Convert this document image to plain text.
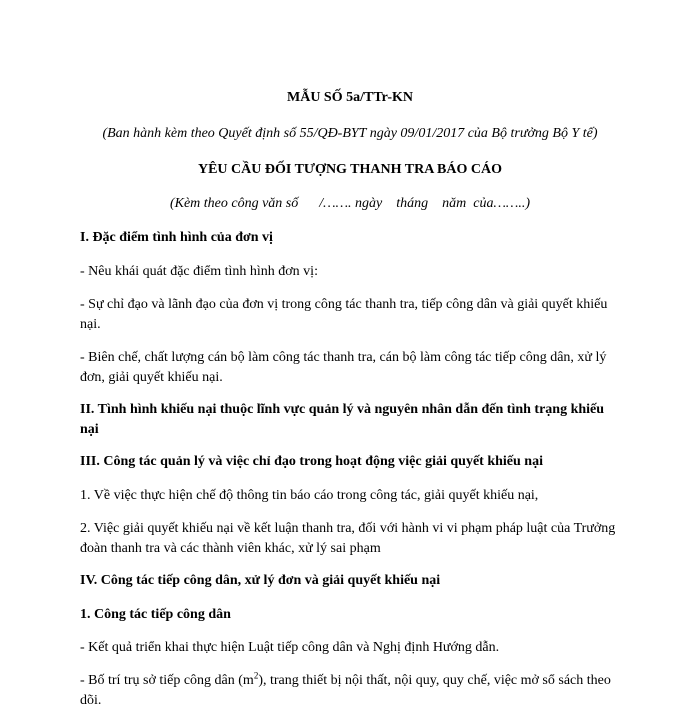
MẪU SỐ 5a/TTr-KN
(Ban hành kèm theo Quyết định số 55/QĐ-BYT ngày 09/01/2017 của Bộ trưởng Bộ Y tế)
YÊU CẦU ĐỐI TƯỢNG THANH TRA BÁO CÁO
(Kèm theo công văn số      /……. ngày    tháng    năm  của……..)
I. Đặc điểm tình hình của đơn vị
- Nêu khái quát đặc điểm tình hình đơn vị:
- Sự chỉ đạo và lãnh đạo của đơn vị trong công tác thanh tra, tiếp công dân và giải quyết khiếu nại.
- Biên chế, chất lượng cán bộ làm công tác thanh tra, cán bộ làm công tác tiếp công dân, xử lý đơn, giải quyết khiếu nại.
II. Tình hình khiếu nại thuộc lĩnh vực quản lý và nguyên nhân dẫn đến tình trạng khiếu nại
III. Công tác quản lý và việc chỉ đạo trong hoạt động việc giải quyết khiếu nại
1. Về việc thực hiện chế độ thông tin báo cáo trong công tác, giải quyết khiếu nại,
2. Việc giải quyết khiếu nại về kết luận thanh tra, đối với hành vi vi phạm pháp luật của Trưởng đoàn thanh tra và các thành viên khác, xử lý sai phạm
IV. Công tác tiếp công dân, xử lý đơn và giải quyết khiếu nại
1. Công tác tiếp công dân
- Kết quả triển khai thực hiện Luật tiếp công dân và Nghị định Hướng dẫn.
- Bố trí trụ sở tiếp công dân $(m^2)$, trang thiết bị nội thất, nội quy, quy chế, việc mở sổ sách theo dõi.
